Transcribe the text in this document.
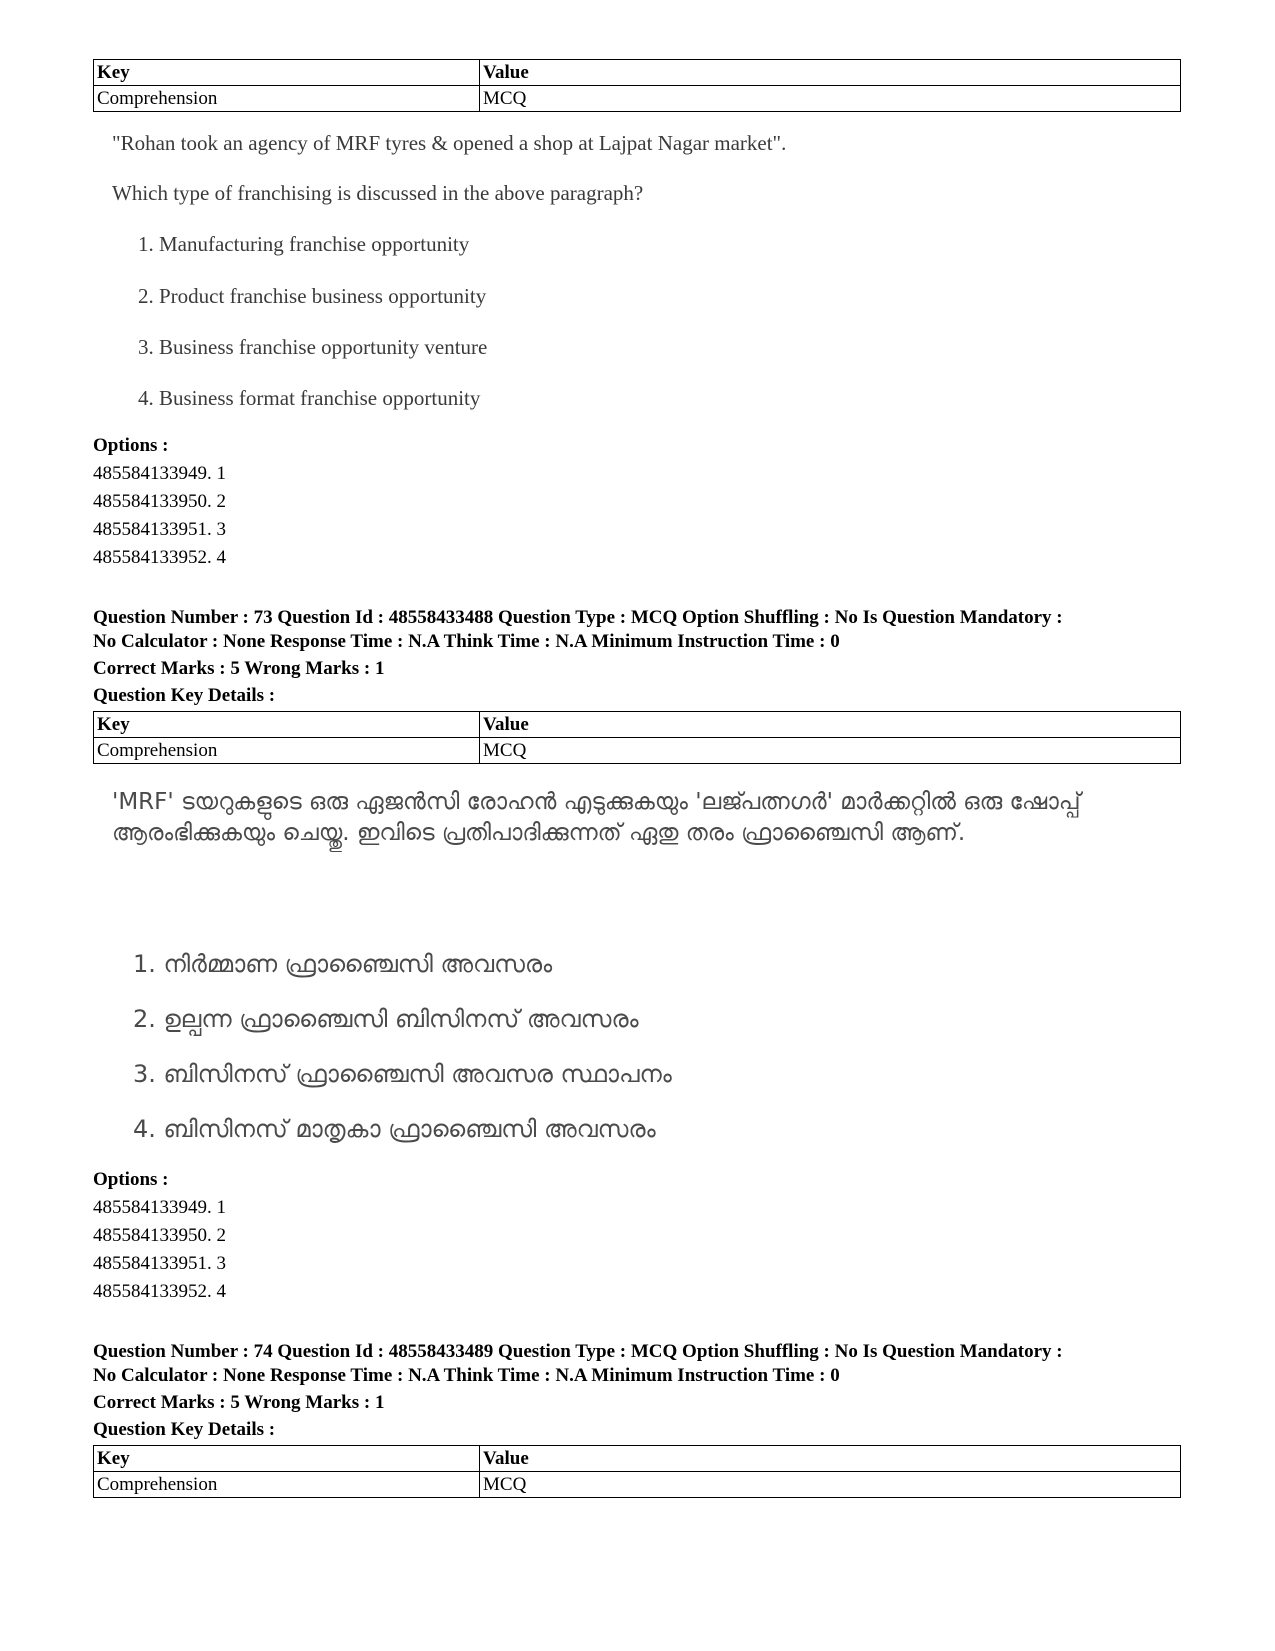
Key	Value
Comprehension	MCQ

"Rohan took an agency of MRF tyres & opened a shop at Lajpat Nagar market".

Which type of franchising is discussed in the above paragraph?

1. Manufacturing franchise opportunity
2. Product franchise business opportunity
3. Business franchise opportunity venture
4. Business format franchise opportunity
Options :
485584133949. 1
485584133950. 2
485584133951. 3
485584133952. 4
Question Number : 73 Question Id : 48558433488 Question Type : MCQ Option Shuffling : No Is Question Mandatory :
No Calculator : None Response Time : N.A Think Time : N.A Minimum Instruction Time : 0
Correct Marks : 5 Wrong Marks : 1
Question Key Details :
Key	Value
Comprehension	MCQ
'MRF' ടയറുകളുടെ ഒരു ഏജൻസി രോഹൻ എടുക്കുകയും 'ലജ്പത്നഗർ' മാർക്കറ്റിൽ ഒരു ഷോപ്പ് ആരംഭിക്കുകയും ചെയ്തു. ഇവിടെ പ്രതിപാദിക്കുന്നത് ഏതു തരം ഫ്രാഞ്ചൈസി ആണ്.
1. നിർമ്മാണ ഫ്രാഞ്ചൈസി അവസരം
2. ഉല്പന്ന ഫ്രാഞ്ചൈസി ബിസിനസ് അവസരം
3. ബിസിനസ് ഫ്രാഞ്ചൈസി അവസര സ്ഥാപനം
4. ബിസിനസ് മാതൃകാ ഫ്രാഞ്ചൈസി അവസരം
Options :
485584133949. 1
485584133950. 2
485584133951. 3
485584133952. 4
Question Number : 74 Question Id : 48558433489 Question Type : MCQ Option Shuffling : No Is Question Mandatory :
No Calculator : None Response Time : N.A Think Time : N.A Minimum Instruction Time : 0
Correct Marks : 5 Wrong Marks : 1
Question Key Details :
Key	Value
Comprehension	MCQ
